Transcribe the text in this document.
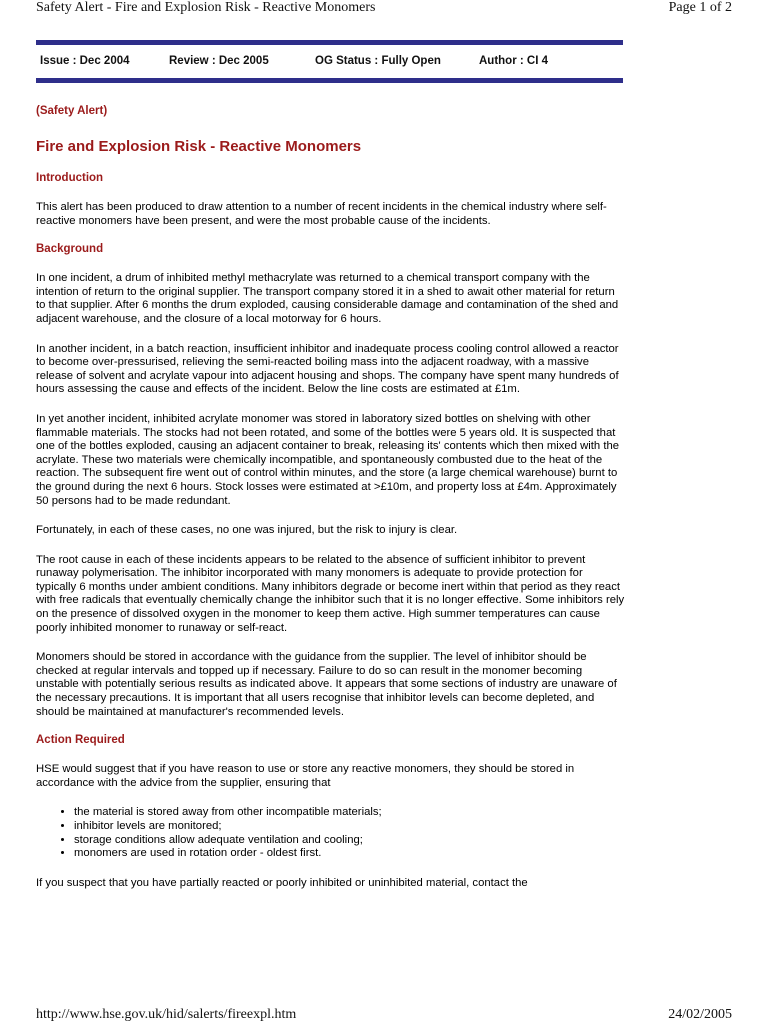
Safety Alert - Fire and Explosion Risk - Reactive Monomers	Page 1 of 2
Issue : Dec 2004	Review : Dec 2005	OG Status : Fully Open	Author : CI 4
(Safety Alert)
Fire and Explosion Risk - Reactive Monomers
Introduction

This alert has been produced to draw attention to a number of recent incidents in the chemical industry where self-reactive monomers have been present, and were the most probable cause of the incidents.

Background

In one incident, a drum of inhibited methyl methacrylate was returned to a chemical transport company with the intention of return to the original supplier. The transport company stored it in a shed to await other material for return to that supplier. After 6 months the drum exploded, causing considerable damage and contamination of the shed and adjacent warehouse, and the closure of a local motorway for 6 hours.

In another incident, in a batch reaction, insufficient inhibitor and inadequate process cooling control allowed a reactor to become over-pressurised, relieving the semi-reacted boiling mass into the adjacent roadway, with a massive release of solvent and acrylate vapour into adjacent housing and shops. The company have spent many hundreds of hours assessing the cause and effects of the incident. Below the line costs are estimated at £1m.

In yet another incident, inhibited acrylate monomer was stored in laboratory sized bottles on shelving with other flammable materials. The stocks had not been rotated, and some of the bottles were 5 years old. It is suspected that one of the bottles exploded, causing an adjacent container to break, releasing its' contents which then mixed with the acrylate. These two materials were chemically incompatible, and spontaneously combusted due to the heat of the reaction. The subsequent fire went out of control within minutes, and the store (a large chemical warehouse) burnt to the ground during the next 6 hours. Stock losses were estimated at >£10m, and property loss at £4m. Approximately 50 persons had to be made redundant.

Fortunately, in each of these cases, no one was injured, but the risk to injury is clear.

The root cause in each of these incidents appears to be related to the absence of sufficient inhibitor to prevent runaway polymerisation. The inhibitor incorporated with many monomers is adequate to provide protection for typically 6 months under ambient conditions. Many inhibitors degrade or become inert within that period as they react with free radicals that eventually chemically change the inhibitor such that it is no longer effective. Some inhibitors rely on the presence of dissolved oxygen in the monomer to keep them active. High summer temperatures can cause poorly inhibited monomer to runaway or self-react.

Monomers should be stored in accordance with the guidance from the supplier. The level of inhibitor should be checked at regular intervals and topped up if necessary. Failure to do so can result in the monomer becoming unstable with potentially serious results as indicated above. It appears that some sections of industry are unaware of the necessary precautions. It is important that all users recognise that inhibitor levels can become depleted, and should be maintained at manufacturer's recommended levels.

Action Required

HSE would suggest that if you have reason to use or store any reactive monomers, they should be stored in accordance with the advice from the supplier, ensuring that

• the material is stored away from other incompatible materials;
• inhibitor levels are monitored;
• storage conditions allow adequate ventilation and cooling;
• monomers are used in rotation order - oldest first.

If you suspect that you have partially reacted or poorly inhibited or uninhibited material, contact the

http://www.hse.gov.uk/hid/salerts/fireexpl.htm	24/02/2005
